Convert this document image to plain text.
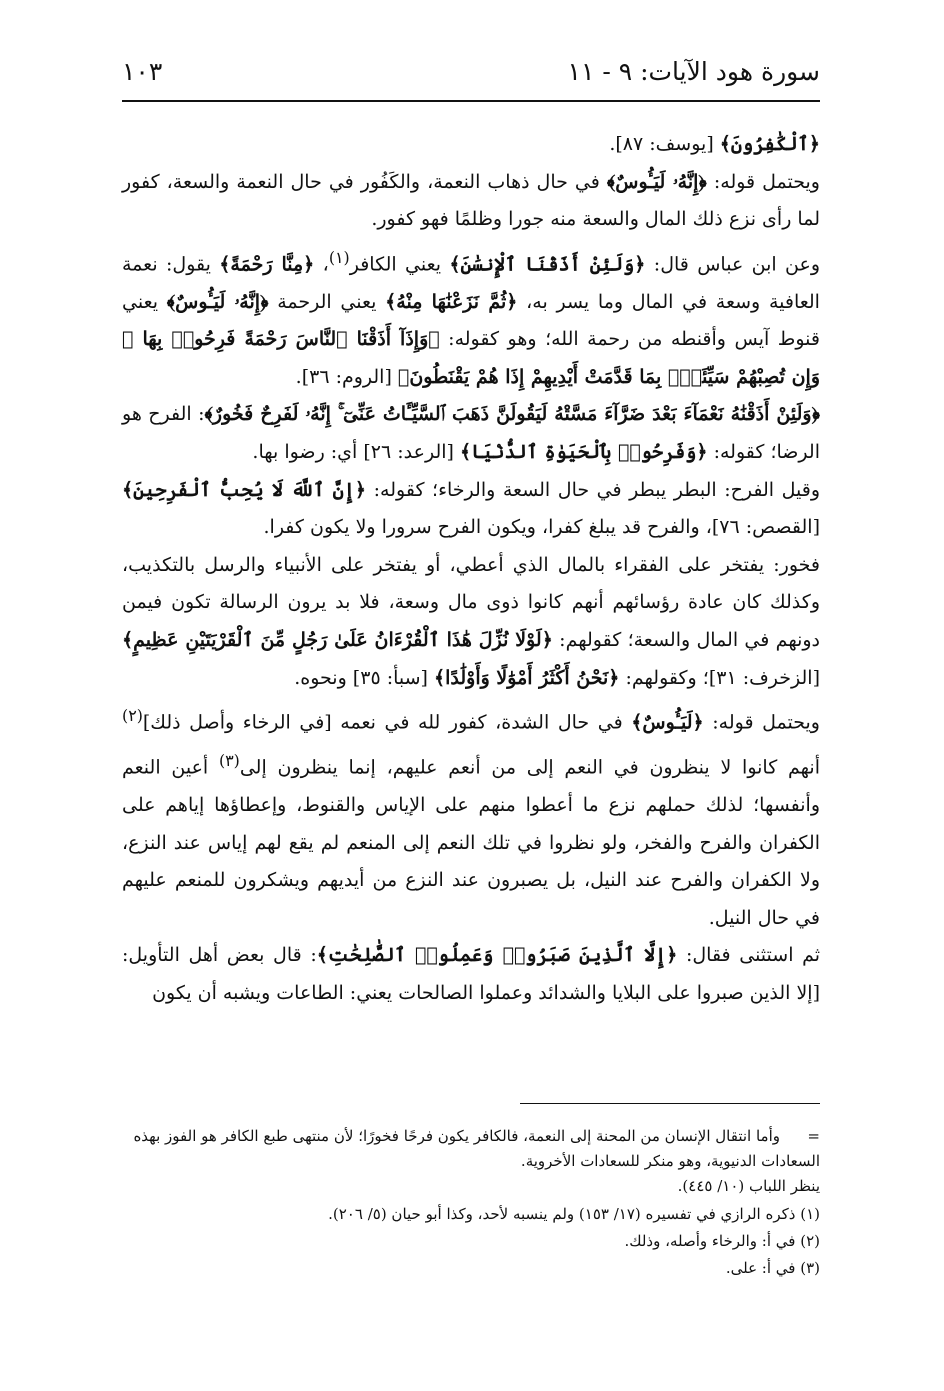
سورة هود الآيات: ٩ - ١١
١٠٣

﴿ٱلْكَٰفِرُونَ﴾ [يوسف: ٨٧].

ويحتمل قوله: ﴿إِنَّهُۥ لَيَـُٔوسٌ﴾ في حال ذهاب النعمة، والكَفُور في حال النعمة والسعة، كفور لما رأى نزع ذلك المال والسعة منه جورا وظلمًا فهو كفور.

وعن ابن عباس قال: ﴿وَلَئِنْ أَذَقْنَا ٱلْإِنسَٰنَ﴾ يعني الكافر$^{(١)}$، ﴿مِنَّا رَحْمَةً﴾ يقول: نعمة العافية وسعة في المال وما يسر به، ﴿ثُمَّ نَزَعْنَٰهَا مِنْهُ﴾ يعني الرحمة ﴿إِنَّهُۥ لَيَـُٔوسٌ﴾ يعني قنوط آيس وأقنطه من رحمة الله؛ وهو كقوله: ﴿وَإِذَآ أَذَقْنَا ٱلنَّاسَ رَحْمَةً فَرِحُوا۟ بِهَا ۖ وَإِن تُصِبْهُمْ سَيِّئَةٌۢ بِمَا قَدَّمَتْ أَيْدِيهِمْ إِذَا هُمْ يَقْنَطُونَ﴾ [الروم: ٣٦].

﴿وَلَئِنْ أَذَقْنَٰهُ نَعْمَآءَ بَعْدَ ضَرَّآءَ مَسَّتْهُ لَيَقُولَنَّ ذَهَبَ ٱلسَّيِّـَٔاتُ عَنِّىٓ ۚ إِنَّهُۥ لَفَرِحٌ فَخُورٌ﴾: الفرح هو الرضا؛ كقوله: ﴿وَفَرِحُوا۟ بِٱلْحَيَوٰةِ ٱلدُّنْيَا﴾ [الرعد: ٢٦] أي: رضوا بها.

وقيل الفرح: البطر يبطر في حال السعة والرخاء؛ كقوله: ﴿إِنَّ ٱللَّهَ لَا يُحِبُّ ٱلْفَرِحِينَ﴾ [القصص: ٧٦]، والفرح قد يبلغ كفرا، ويكون الفرح سرورا ولا يكون كفرا.

فخور: يفتخر على الفقراء بالمال الذي أعطي، أو يفتخر على الأنبياء والرسل بالتكذيب، وكذلك كان عادة رؤسائهم أنهم كانوا ذوى مال وسعة، فلا بد يرون الرسالة تكون فيمن دونهم في المال والسعة؛ كقولهم: ﴿لَوْلَا نُزِّلَ هَٰذَا ٱلْقُرْءَانُ عَلَىٰ رَجُلٍ مِّنَ ٱلْقَرْيَتَيْنِ عَظِيمٍ﴾ [الزخرف: ٣١]؛ وكقولهم: ﴿نَحْنُ أَكْثَرُ أَمْوَٰلًا وَأَوْلَٰدًا﴾ [سبأ: ٣٥] ونحوه.

ويحتمل قوله: ﴿لَيَـُٔوسٌ﴾ في حال الشدة، كفور لله في نعمه [في الرخاء وأصل ذلك]$^{(٢)}$ أنهم كانوا لا ينظرون في النعم إلى من أنعم عليهم، إنما ينظرون إلى$^{(٣)}$ أعين النعم وأنفسها؛ لذلك حملهم نزع ما أعطوا منهم على الإياس والقنوط، وإعطاؤها إياهم على الكفران والفرح والفخر، ولو نظروا في تلك النعم إلى المنعم لم يقع لهم إياس عند النزع، ولا الكفران والفرح عند النيل، بل يصبرون عند النزع من أيديهم ويشكرون للمنعم عليهم في حال النيل.

ثم استثنى فقال: ﴿إِلَّا ٱلَّذِينَ صَبَرُوا۟ وَعَمِلُوا۟ ٱلصَّٰلِحَٰتِ﴾: قال بعض أهل التأويل: [إلا الذين صبروا على البلايا والشدائد وعملوا الصالحات يعني: الطاعات ويشبه أن يكون

=وأما انتقال الإنسان من المحنة إلى النعمة، فالكافر يكون فرحًا فخورًا؛ لأن منتهى طبع الكافر هو الفوز بهذه السعادات الدنيوية، وهو منكر للسعادات الأخروية.
ينظر اللباب (١٠/ ٤٤٥).
(١) ذكره الرازي في تفسيره (١٧/ ١٥٣) ولم ينسبه لأحد، وكذا أبو حيان (٥/ ٢٠٦).
(٢) في أ: والرخاء وأصله، وذلك.
(٣) في أ: على.
